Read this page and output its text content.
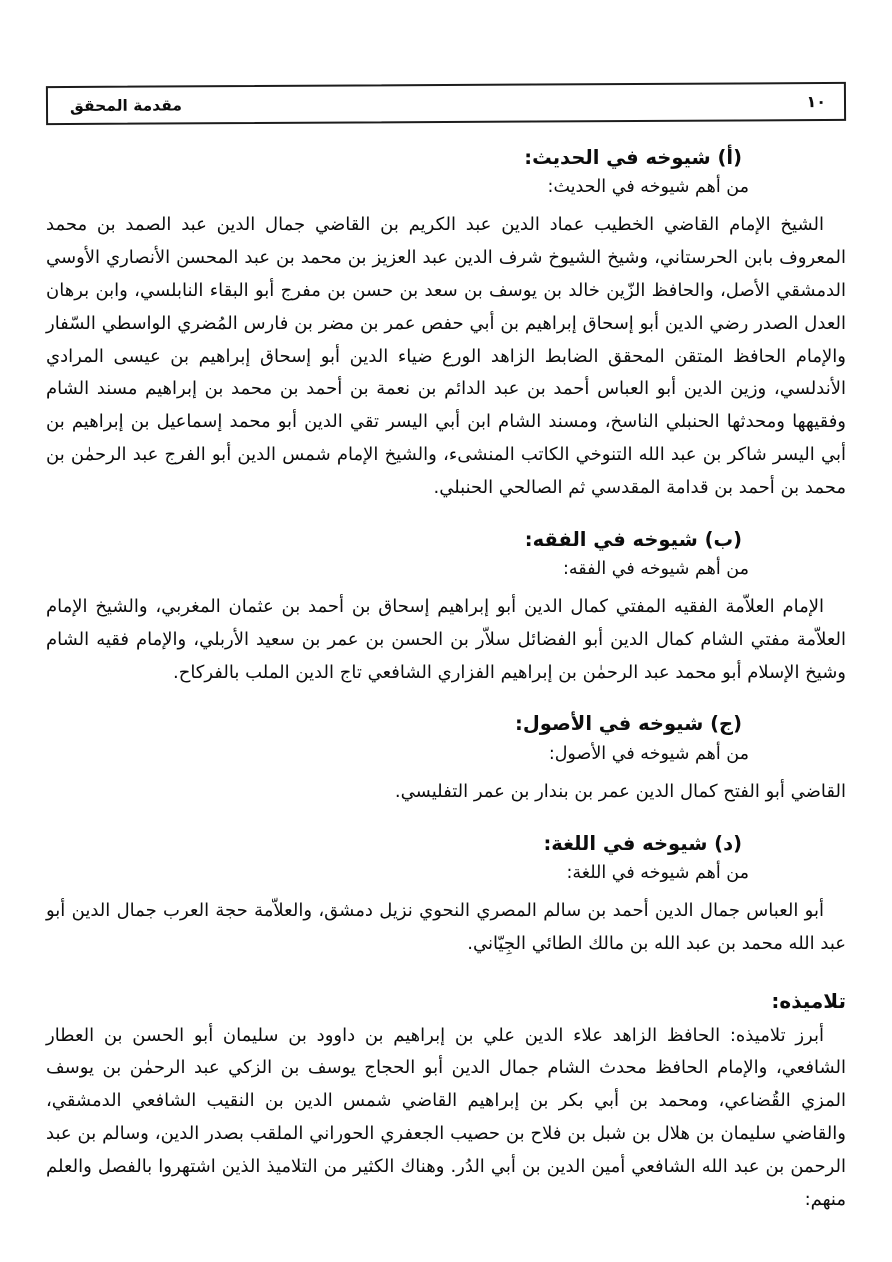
١٠
مقدمة المحقق
(أ) شيوخه في الحديث:

من أهم شيوخه في الحديث:

الشيخ الإمام القاضي الخطيب عماد الدين عبد الكريم بن القاضي جمال الدين عبد الصمد بن محمد المعروف بابن الحرستاني، وشيخ الشيوخ شرف الدين عبد العزيز بن محمد بن عبد المحسن الأنصاري الأوسي الدمشقي الأصل، والحافظ الزّين خالد بن يوسف بن سعد بن حسن بن مفرج أبو البقاء النابلسي، وابن برهان العدل الصدر رضي الدين أبو إسحاق إبراهيم بن أبي حفص عمر بن مضر بن فارس المُضري الواسطي السّفار والإمام الحافظ المتقن المحقق الضابط الزاهد الورع ضياء الدين أبو إسحاق إبراهيم بن عيسى المرادي الأندلسي، وزين الدين أبو العباس أحمد بن عبد الدائم بن نعمة بن أحمد بن محمد بن إبراهيم مسند الشام وفقيهها ومحدثها الحنبلي الناسخ، ومسند الشام ابن أبي اليسر تقي الدين أبو محمد إسماعيل بن إبراهيم بن أبي اليسر شاكر بن عبد الله التنوخي الكاتب المنشىء، والشيخ الإمام شمس الدين أبو الفرج عبد الرحمٰن بن محمد بن أحمد بن قدامة المقدسي ثم الصالحي الحنبلي.

(ب) شيوخه في الفقه:

من أهم شيوخه في الفقه:

الإمام العلاّمة الفقيه المفتي كمال الدين أبو إبراهيم إسحاق بن أحمد بن عثمان المغربي، والشيخ الإمام العلاّمة مفتي الشام كمال الدين أبو الفضائل سلاّر بن الحسن بن عمر بن سعيد الأربلي، والإمام فقيه الشام وشيخ الإسلام أبو محمد عبد الرحمٰن بن إبراهيم الفزاري الشافعي تاج الدين الملب بالفركاح.

(ج) شيوخه في الأصول:

من أهم شيوخه في الأصول:

القاضي أبو الفتح كمال الدين عمر بن بندار بن عمر التفليسي.

(د) شيوخه في اللغة:

من أهم شيوخه في اللغة:

أبو العباس جمال الدين أحمد بن سالم المصري النحوي نزيل دمشق، والعلاّمة حجة العرب جمال الدين أبو عبد الله محمد بن عبد الله بن مالك الطائي الجِيّاني.

تلاميذه:

أبرز تلاميذه: الحافظ الزاهد علاء الدين علي بن إبراهيم بن داوود بن سليمان أبو الحسن بن العطار الشافعي، والإمام الحافظ محدث الشام جمال الدين أبو الحجاج يوسف بن الزكي عبد الرحمٰن بن يوسف المزي القُضاعي، ومحمد بن أبي بكر بن إبراهيم القاضي شمس الدين بن النقيب الشافعي الدمشقي، والقاضي سليمان بن هلال بن شبل بن فلاح بن حصيب الجعفري الحوراني الملقب بصدر الدين، وسالم بن عبد الرحمن بن عبد الله الشافعي أمين الدين بن أبي الدُر. وهناك الكثير من التلاميذ الذين اشتهروا بالفصل والعلم منهم:
